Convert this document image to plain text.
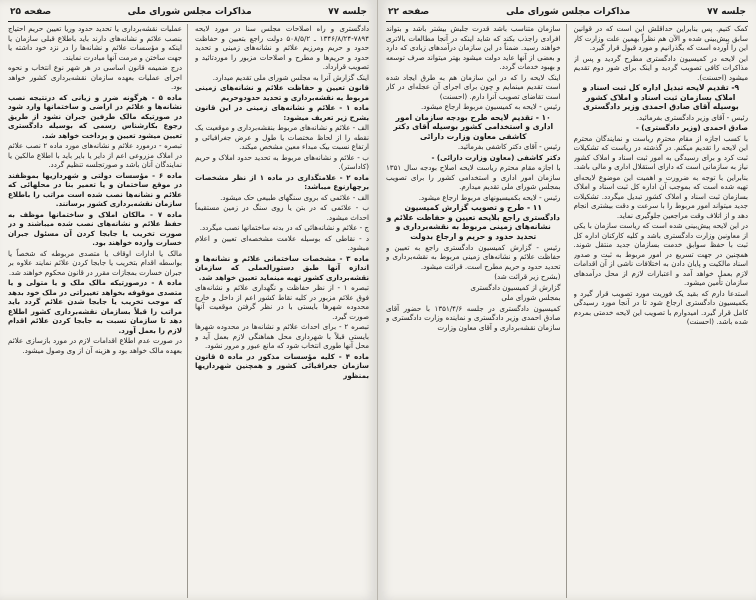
جلسه ۷۷
مذاکرات مجلس شورای ملی
صفحه ۲۵

دادگستری و راه اصلاحات مجلس سنا در مورد لایحه ۷۸۹۴-۱۳۴۶/۸/۲۴ ـ ۵۰۸/۵/۲ دولت راجع بتعیین و حفاظت حدود و حریم ومرزیم علائم و نشانه‌های زمینی و تحدید حدود و حریم‌ها و مطرح و اصلاحات مزبور را موردتائید و تصویب قرارداد.

اینک گزارش آنرا به مجلس شورای ملی تقدیم میدارد.

قانون تعیین و حفاظت علائم و نشانه‌های زمینی مربوط به نقشه‌برداری و تحدید حدودوحریم

ماده ۱ - علائم و نشانه‌های زمینی در این قانون بشرح زیر تعریف میشود:

الف - علائم و نشانه‌های مربوط بنقشه‌برداری و موقعیت یک نقطه را از لحاظ مختصات یا طول و عرض جغرافیائی و ارتفاع نسبت بیک مبداء معین مشخص میکند.

ب - علائم و نشانه‌های مربوط به تحدید حدود املاک و حریم (کاداستر).

ماده ۲ - علامتگذاری در ماده ۱ از نظر مشخصات برچهارنوع میباشد:

الف - علائمی که بروی سنگهای طبیعی حک میشود.

ب - علائمی که در بتن یا روی سنگ در زمین مستقیماً احداث میشود.

ج - علائم و نشانه‌هائی که در بدنه ساختمانها نصب میگردد.

د - نقاطی که بوسیله علامت مشخصه‌ای تعیین و اعلام میشود.

ماده ۳ - مشخصات ساختمانی علائم و نشانه‌ها و اندازه آنها طبق دستورالعملی که سازمان نقشه‌برداری کشور تهیه مینماید تعیین خواهد شد.

تبصره ۱ - از نظر حفاظت و نگهداری علائم و نشانه‌های فوق علائم مزبور در کلیه نقاط کشور اعم از داخل و خارج محدوده شهرها بایستی با در نظر گرفتن موقعیت آنها صورت گیرد.

تبصره ۲ - برای احداث علائم و نشانه‌ها در محدوده شهرها بایستی قبلاً با شهرداری محل هماهنگی لازم بعمل آید و محل آنها طوری انتخاب شود که مانع عبور و مرور نشود.

ماده ۴ - کلیه مؤسسات مذکور در ماده ۵ قانون سازمان جغرافیائی کشور و همچنین شهرداریها بمنظور

عملیات نقشه‌برداری یا تحدید حدود وریا تعیین حریم احتیاج بنصب علائم و نشانه‌های دارند باید باطلاع قبلی سازمان یا اینکه و مؤسسات علائم و نشانه‌ها را در نزد خود داشته یا جهت ساختن و مرمت آنها مبادرت نمایند.

درج ضمیمه قانون اساسی در هر شهر نوع انتخاب و نحوه اجرای عملیات بعهده سازمان نقشه‌برداری کشور خواهد بود.

ماده ۵ - هرگونه ضرر و زیانی که درنتیجه نصب نشانه‌ها و علائم در اراضی و ساختمانها وارد شود در صورتیکه مالک طرفین جبران نشود از طریق رجوع بکارشناس رسمی که بوسیله دادگستری تعیین میشود تعیین و پرداخت خواهد شد.

تبصره - درمورد علائم و نشانه‌های مورد ماده ۲ نصب علائم در املاک مزروعی اعم از دایر یا بایر باید با اطلاع مالکین یا نمایندگان آنان باشد و صورتجلسه تنظیم گردد.

ماده ۶ - مؤسسات دولتی و شهرداریها بموظفند در موقع ساختمان و یا تعمیر بنا در محلهائی که علائم و نشانه‌ها نصب شده است مراتب را باطلاع سازمان نقشه‌برداری کشور برسانند.

ماده ۷ - مالکان املاک و ساختمانها موظف به حفظ علائم و نشانه‌های نصب شده میباشند و در صورت تخریب یا جابجا کردن آن مسئول جبران خسارت وارده خواهند بود.

مالک یا ادارات اوقاف یا متصدی مربوطه که شخصاً یا بواسطه اقدام بتخریب یا جابجا کردن علائم نمایند علاوه بر جبران خسارت بمجازات مقرر در قانون محکوم خواهند شد.

ماده ۸ - درصورتیکه مالک ملک و یا متولی و یا متصدی موقوفه بخواهد تغییراتی در ملک خود بدهد که موجب تخریب یا جابجا شدن علائم گردد باید مراتب را قبلاً بسازمان نقشه‌برداری کشور اطلاع دهد تا سازمان نسبت به جابجا کردن علائم اقدام لازم را بعمل آورد.

در صورت عدم اطلاع اقدامات لازم در مورد بازسازی علائم بعهده مالک خواهد بود و هزینه آن از وی وصول میشود.

جلسه ۷۷
مذاکرات مجلس شورای ملی
صفحه ۲۲

کمک کنیم. پس بنابراین حداقلش این است که در قوانین سابق پیش‌بینی شده و الآن هم نظراً بهمین علت وزارت کار این را آورده است که بگذرانیم و مورد قبول قرار گیرد.

این لایحه در کمیسیون دادگستری مطرح گردید و پس از مذاکرات کافی تصویب گردید و اینک برای شور دوم تقدیم میشود (احسنت).

۹- تقدیم لایحه تبدیل اداره کل ثبت اسناد و املاک بسازمان ثبت اسناد و املاک کشور بوسیله آقای صادق احمدی وزیر دادگستری

رئیس - آقای وزیر دادگستری بفرمائید.

صادق احمدی (وزیر دادگستری) -

با کسب اجازه از مقام محترم ریاست و نمایندگان محترم این لایحه را تقدیم میکنم. در گذشته در ریاست که تشکیلات ثبت کرد و برای رسیدگی به امور ثبت اسناد و املاک کشور نیاز به سازمانی است که دارای استقلال اداری و مالی باشد.

بنابراین با توجه به ضرورت و اهمیت این موضوع لایحه‌ای تهیه شده است که بموجب آن اداره کل ثبت اسناد و املاک بسازمان ثبت اسناد و املاک کشور تبدیل میگردد. تشکیلات جدید میتواند امور مربوط را با سرعت و دقت بیشتری انجام دهد و از اتلاف وقت مراجعین جلوگیری نماید.

در این لایحه پیش‌بینی شده است که ریاست سازمان با یکی از معاونین وزارت دادگستری باشد و کلیه کارکنان اداره کل ثبت با حفظ سوابق خدمت بسازمان جدید منتقل شوند. همچنین در جهت تسریع در امور مربوط به ثبت و صدور اسناد مالکیت و پایان دادن به اختلافات ناشی از آن اقدامات لازم بعمل خواهد آمد و اعتبارات لازم از محل درآمدهای سازمان تأمین میشود.

استدعا دارم که بقید یک فوریت مورد تصویب قرار گیرد و بکمیسیون دادگستری ارجاع شود تا در آنجا مورد رسیدگی کامل قرار گیرد. امیدوارم با تصویب این لایحه خدمتی بمردم شده باشد. (احسنت)

سازمان متناسب باشد قدرت جلبش بیشتر باشد و بتواند افرادی راجذب بکند که شاید اینکه در آنجا مطالعات بالاتری خواهند رسید. ضمناً در این سازمان درآمدهای زیادی که دارد و بعضی از آنها عاید دولت میشود بهتر میتواند صرف توسعه و بهبود خدمات گردد.

اینک لایحه را که در این سازمان هم به طرق ایجاد شده است تقدیم مینمایم و چون برای اجرای آن عجله‌ای در کار است تقاضای تصویب آنرا دارم. (احسنت)

رئیس - لایحه به کمیسیون مربوط ارجاع میشود.

۱۰ - تقدیم لایحه طرح بودجه سازمان امور اداری و استخدامی کشور بوسیله آقای دکتر کاشفی معاون وزارت دارائی

رئیس - آقای دکتر کاشفی بفرمائید.

دکتر کاشفی (معاون وزارت دارائی) -

با اجازه مقام محترم ریاست لایحه اصلاح بودجه سال ۱۳۵۱ سازمان امور اداری و استخدامی کشور را برای تصویب بمجلس شورای ملی تقدیم میدارم.

رئیس - لایحه بکمیسیونهای مربوط ارجاع میشود.

۱۱ - طرح و تصویب گزارش کمیسیون دادگستری راجع بلایحه تعیین و حفاظت علائم و نشانه‌های زمینی مربوط به نقشه‌برداری و تحدید حدود و حریم و ارجاع بدولت

رئیس - گزارش کمیسیون دادگستری راجع به تعیین و حفاظت علائم و نشانه‌های زمینی مربوط به نقشه‌برداری و تحدید حدود و حریم مطرح است. قرائت میشود.

(بشرح زیر قرائت شد)

گزارش از کمیسیون دادگستری

بمجلس شورای ملی

کمیسیون دادگستری در جلسه ۱۳۵۱/۴/۶ با حضور آقای صادق احمدی وزیر دادگستری و نماینده وزارت دادگستری و سازمان نقشه‌برداری و آقای معاون وزارت
